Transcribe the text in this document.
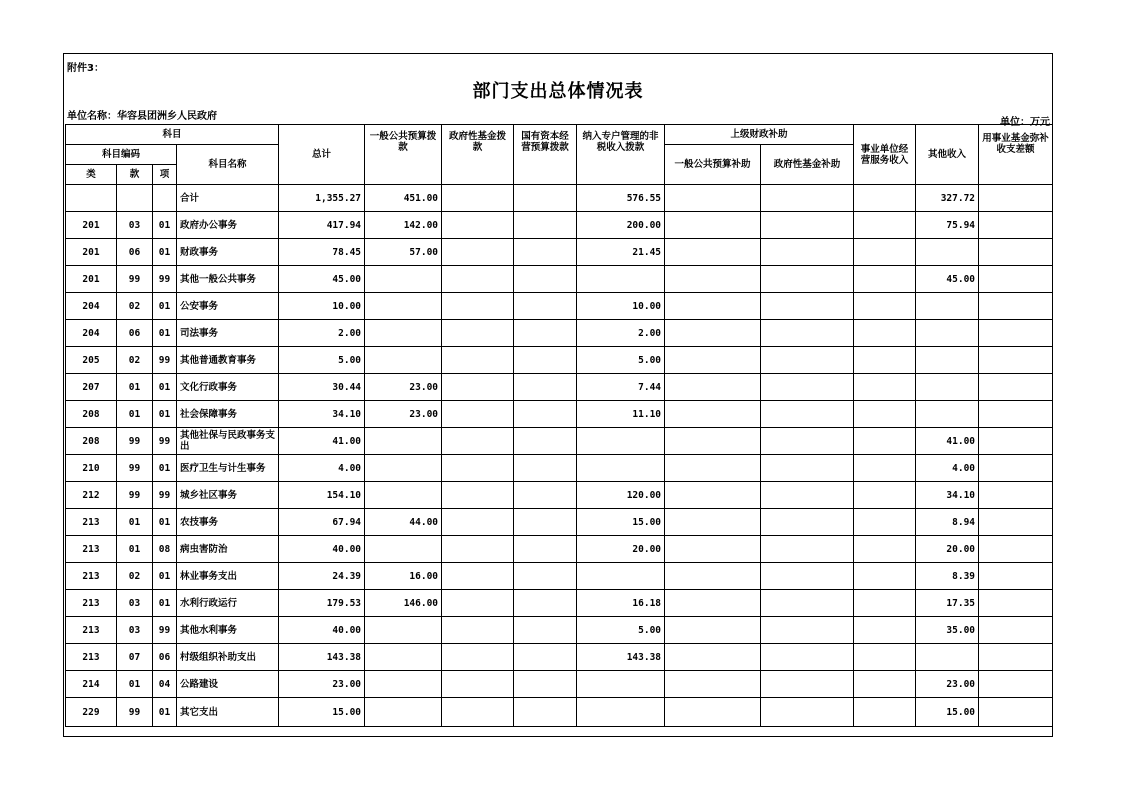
附件3：
部门支出总体情况表
单位名称：华容县团洲乡人民政府
单位：万元
科目				总计	一般公共预算拨款	政府性基金拨款	国有资本经营预算拨款	纳入专户管理的非税收入拨款	上级财政补助		事业单位经营服务收入	其他收入	用事业基金弥补收支差额
科目编码			科目名称						一般公共预算补助	政府性基金补助			
类	款	项											
			合计	1,355.27	451.00			576.55				327.72	
201	03	01	政府办公事务	417.94	142.00			200.00				75.94	
201	06	01	财政事务	78.45	57.00			21.45					
201	99	99	其他一般公共事务	45.00								45.00	
204	02	01	公安事务	10.00				10.00					
204	06	01	司法事务	2.00				2.00					
205	02	99	其他普通教育事务	5.00				5.00					
207	01	01	文化行政事务	30.44	23.00			7.44					
208	01	01	社会保障事务	34.10	23.00			11.10					
208	99	99	其他社保与民政事务支出	41.00								41.00	
210	99	01	医疗卫生与计生事务	4.00								4.00	
212	99	99	城乡社区事务	154.10				120.00				34.10	
213	01	01	农技事务	67.94	44.00			15.00				8.94	
213	01	08	病虫害防治	40.00				20.00				20.00	
213	02	01	林业事务支出	24.39	16.00							8.39	
213	03	01	水利行政运行	179.53	146.00			16.18				17.35	
213	03	99	其他水利事务	40.00				5.00				35.00	
213	07	06	村级组织补助支出	143.38				143.38					
214	01	04	公路建设	23.00								23.00	
229	99	01	其它支出	15.00								15.00	
